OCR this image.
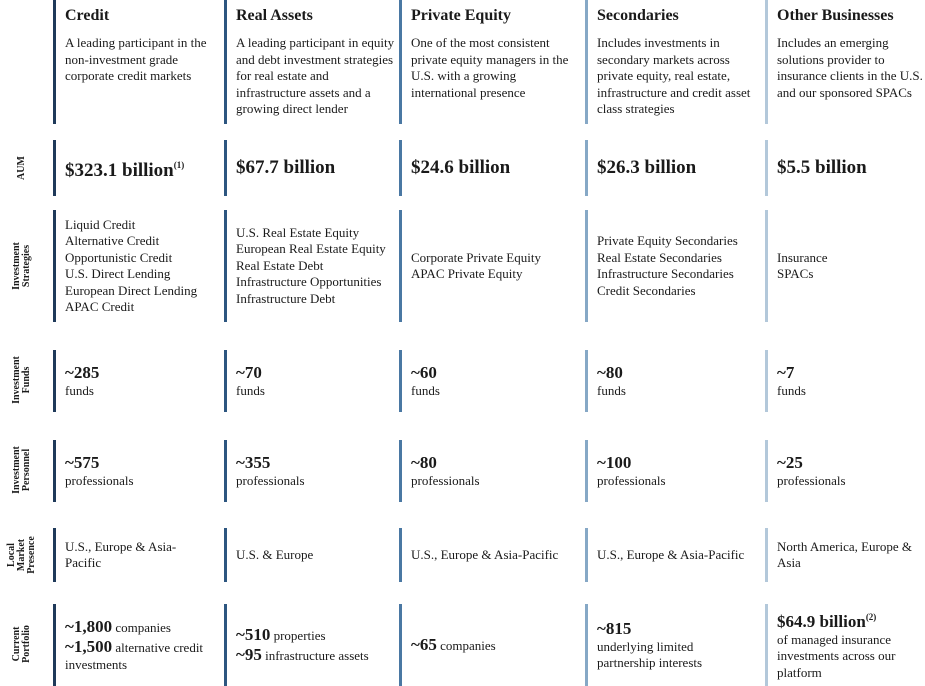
AUM
Investment Strategies
Investment Funds
Investment Personnel
Local Market Presence
Current Portfolio
Credit
A leading participant in the non-investment grade corporate credit markets
$323.1 billion$^{(1)}$
Liquid Credit
Alternative Credit
Opportunistic Credit
U.S. Direct Lending
European Direct Lending
APAC Credit
~285
funds
~575
professionals
U.S., Europe & Asia-Pacific
~1,800 companies
~1,500 alternative credit investments
Real Assets
A leading participant in equity and debt investment strategies for real estate and infrastructure assets and a growing direct lender
$67.7 billion
U.S. Real Estate Equity
European Real Estate Equity
Real Estate Debt
Infrastructure Opportunities
Infrastructure Debt
~70
funds
~355
professionals
U.S. & Europe
~510 properties
~95 infrastructure assets
Private Equity
One of the most consistent private equity managers in the U.S. with a growing international presence
$24.6 billion
Corporate Private Equity
APAC Private Equity
~60
funds
~80
professionals
U.S., Europe & Asia-Pacific
~65 companies
Secondaries
Includes investments in secondary markets across private equity, real estate, infrastructure and credit asset class strategies
$26.3 billion
Private Equity Secondaries
Real Estate Secondaries
Infrastructure Secondaries
Credit Secondaries
~80
funds
~100
professionals
U.S., Europe & Asia-Pacific
~815
underlying limited partnership interests
Other Businesses
Includes an emerging solutions provider to insurance clients in the U.S. and our sponsored SPACs
$5.5 billion
Insurance
SPACs
~7
funds
~25
professionals
North America, Europe & Asia
$64.9 billion$^{(2)}$
of managed insurance investments across our platform
